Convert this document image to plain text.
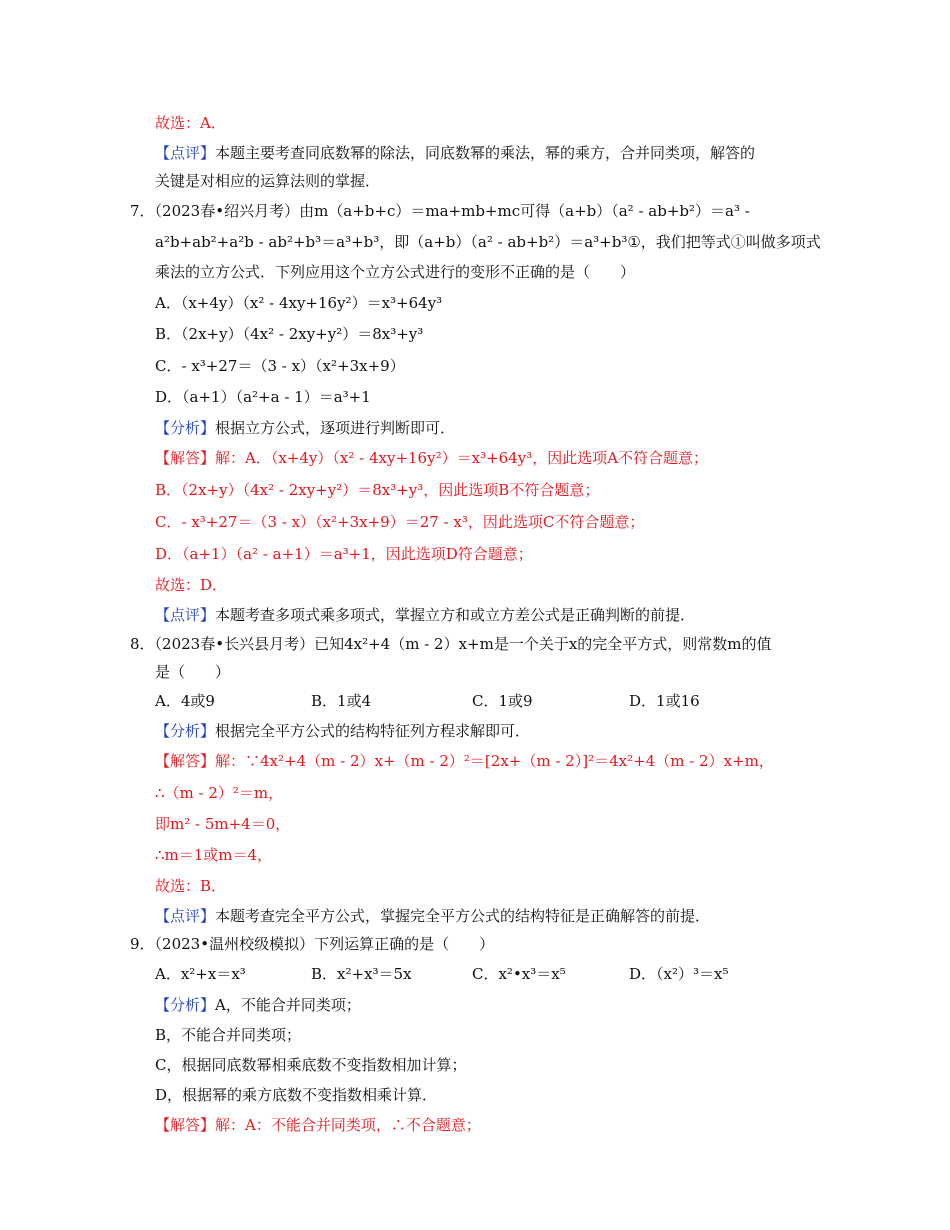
故选：A．
【点评】本题主要考查同底数幂的除法，同底数幂的乘法，幂的乘方，合并同类项，解答的
关键是对相应的运算法则的掌握．
7．（2023春•绍兴月考）由m（a+b+c）＝ma+mb+mc可得（a+b）（a² - ab+b²）＝a³ -
a²b+ab²+a²b - ab²+b³＝a³+b³，即（a+b）（a² - ab+b²）＝a³+b³①，我们把等式①叫做多项式
乘法的立方公式．下列应用这个立方公式进行的变形不正确的是（　　）
A．（x+4y）（x² - 4xy+16y²）＝x³+64y³
B．（2x+y）（4x² - 2xy+y²）＝8x³+y³
C．- x³+27＝（3 - x）（x²+3x+9）
D．（a+1）（a²+a - 1）＝a³+1
【分析】根据立方公式，逐项进行判断即可．
【解答】解：A．（x+4y）（x² - 4xy+16y²）＝x³+64y³，因此选项A不符合题意；
B．（2x+y）（4x² - 2xy+y²）＝8x³+y³，因此选项B不符合题意；
C．- x³+27＝（3 - x）（x²+3x+9）＝27 - x³，因此选项C不符合题意；
D．（a+1）（a² - a+1）＝a³+1，因此选项D符合题意；
故选：D．
【点评】本题考查多项式乘多项式，掌握立方和或立方差公式是正确判断的前提．
8．（2023春•长兴县月考）已知4x²+4（m - 2）x+m是一个关于x的完全平方式，则常数m的值
是（　　）
A．4或9	B．1或4	C．1或9	D．1或16
【分析】根据完全平方公式的结构特征列方程求解即可．
【解答】解：∵4x²+4（m - 2）x+（m - 2）²＝[2x+（m - 2）]²＝4x²+4（m - 2）x+m，
∴（m - 2）²＝m，
即m² - 5m+4＝0，
∴m＝1或m＝4，
故选：B．
【点评】本题考查完全平方公式，掌握完全平方公式的结构特征是正确解答的前提．
9．（2023•温州校级模拟）下列运算正确的是（　　）
A．x²+x＝x³	B．x²+x³＝5x	C．x²•x³＝x⁵	D．（x²）³＝x⁵
【分析】A，不能合并同类项；
B，不能合并同类项；
C，根据同底数幂相乘底数不变指数相加计算；
D，根据幂的乘方底数不变指数相乘计算．
【解答】解：A：不能合并同类项，∴不合题意；
